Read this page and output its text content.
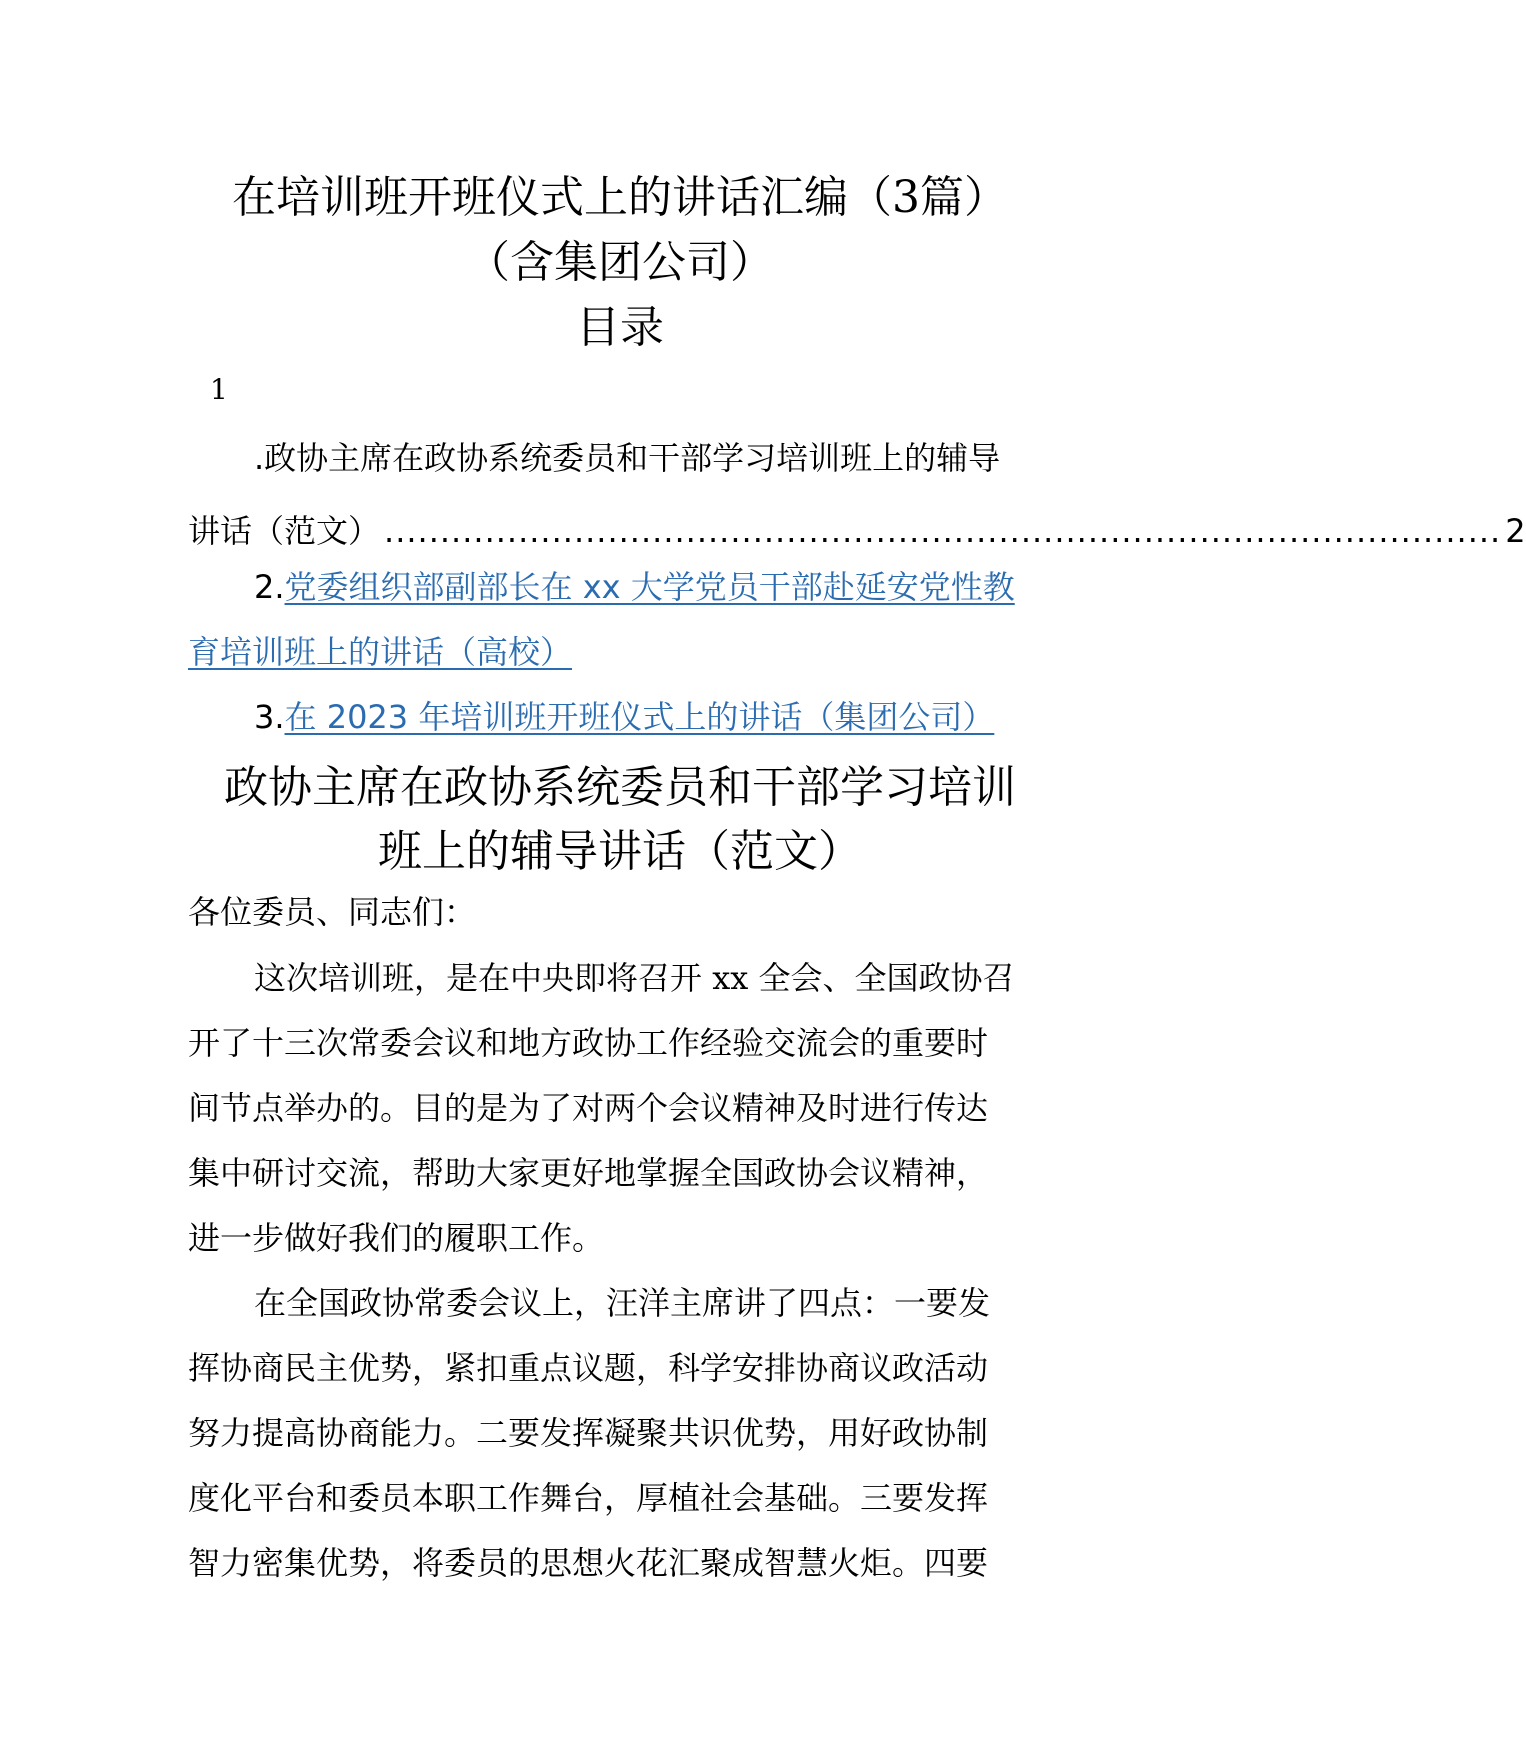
在培训班开班仪式上的讲话汇编（3篇）
（含集团公司）
目录
1
.政协主席在政协系统委员和干部学习培训班上的辅导
讲话（范文） .................................................................................................... 2
2.党委组织部副部长在 xx 大学党员干部赴延安党性教
育培训班上的讲话（高校）
3.在 2023 年培训班开班仪式上的讲话（集团公司）
政协主席在政协系统委员和干部学习培训
班上的辅导讲话（范文）
各位委员、同志们：
这次培训班，是在中央即将召开 xx 全会、全国政协召
开了十三次常委会议和地方政协工作经验交流会的重要时
间节点举办的。目的是为了对两个会议精神及时进行传达
集中研讨交流，帮助大家更好地掌握全国政协会议精神，
进一步做好我们的履职工作。
在全国政协常委会议上，汪洋主席讲了四点：一要发
挥协商民主优势，紧扣重点议题，科学安排协商议政活动
努力提高协商能力。二要发挥凝聚共识优势，用好政协制
度化平台和委员本职工作舞台，厚植社会基础。三要发挥
智力密集优势，将委员的思想火花汇聚成智慧火炬。四要
